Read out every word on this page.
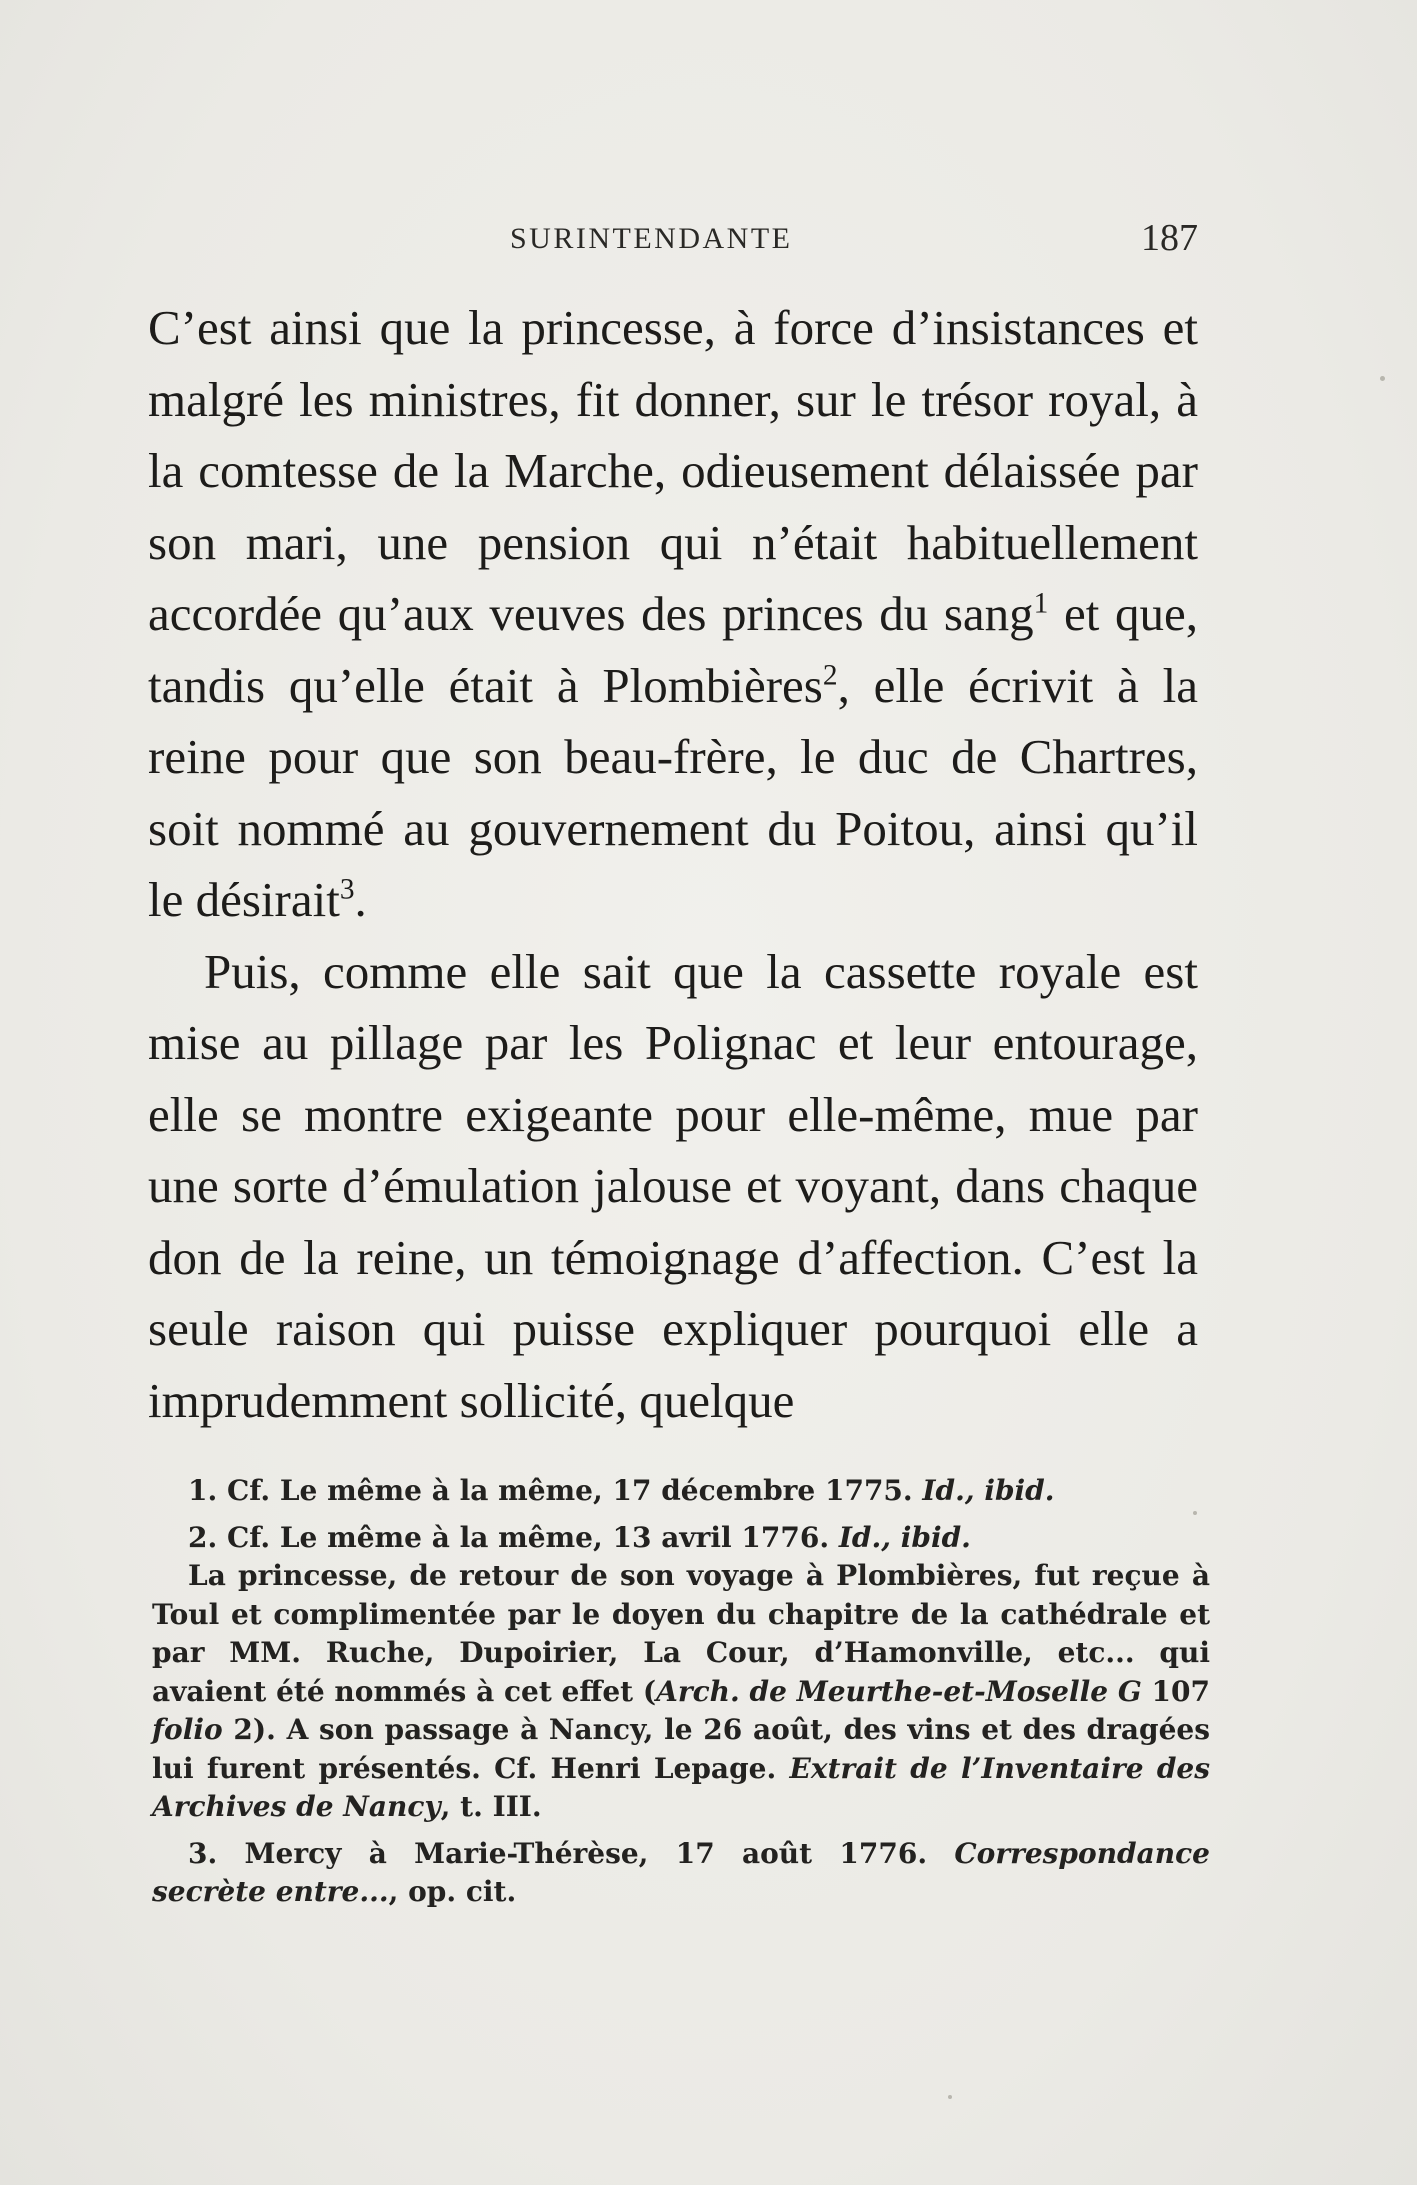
SURINTENDANTE	187

C’est ainsi que la princesse, à force d’insistances et malgré les ministres, fit donner, sur le trésor royal, à la comtesse de la Marche, odieusement délaissée par son mari, une pension qui n’était habituellement accordée qu’aux veuves des princes du sang$^1$ et que, tandis qu’elle était à Plombières$^2$, elle écrivit à la reine pour que son beau-frère, le duc de Chartres, soit nommé au gouvernement du Poitou, ainsi qu’il le désirait$^3$.

Puis, comme elle sait que la cassette royale est mise au pillage par les Polignac et leur entourage, elle se montre exigeante pour elle-même, mue par une sorte d’émulation jalouse et voyant, dans chaque don de la reine, un témoignage d’affection. C’est la seule raison qui puisse expliquer pourquoi elle a imprudemment sollicité, quelque

1. Cf. Le même à la même, 17 décembre 1775. Id., ibid.

2. Cf. Le même à la même, 13 avril 1776. Id., ibid.

La princesse, de retour de son voyage à Plombières, fut reçue à Toul et complimentée par le doyen du chapitre de la cathédrale et par MM. Ruche, Dupoirier, La Cour, d’Hamonville, etc... qui avaient été nommés à cet effet (Arch. de Meurthe-et-Moselle G 107 folio 2). A son passage à Nancy, le 26 août, des vins et des dragées lui furent présentés. Cf. Henri Lepage. Extrait de l’Inventaire des Archives de Nancy, t. III.

3. Mercy à Marie-Thérèse, 17 août 1776. Correspondance secrète entre..., op. cit.
